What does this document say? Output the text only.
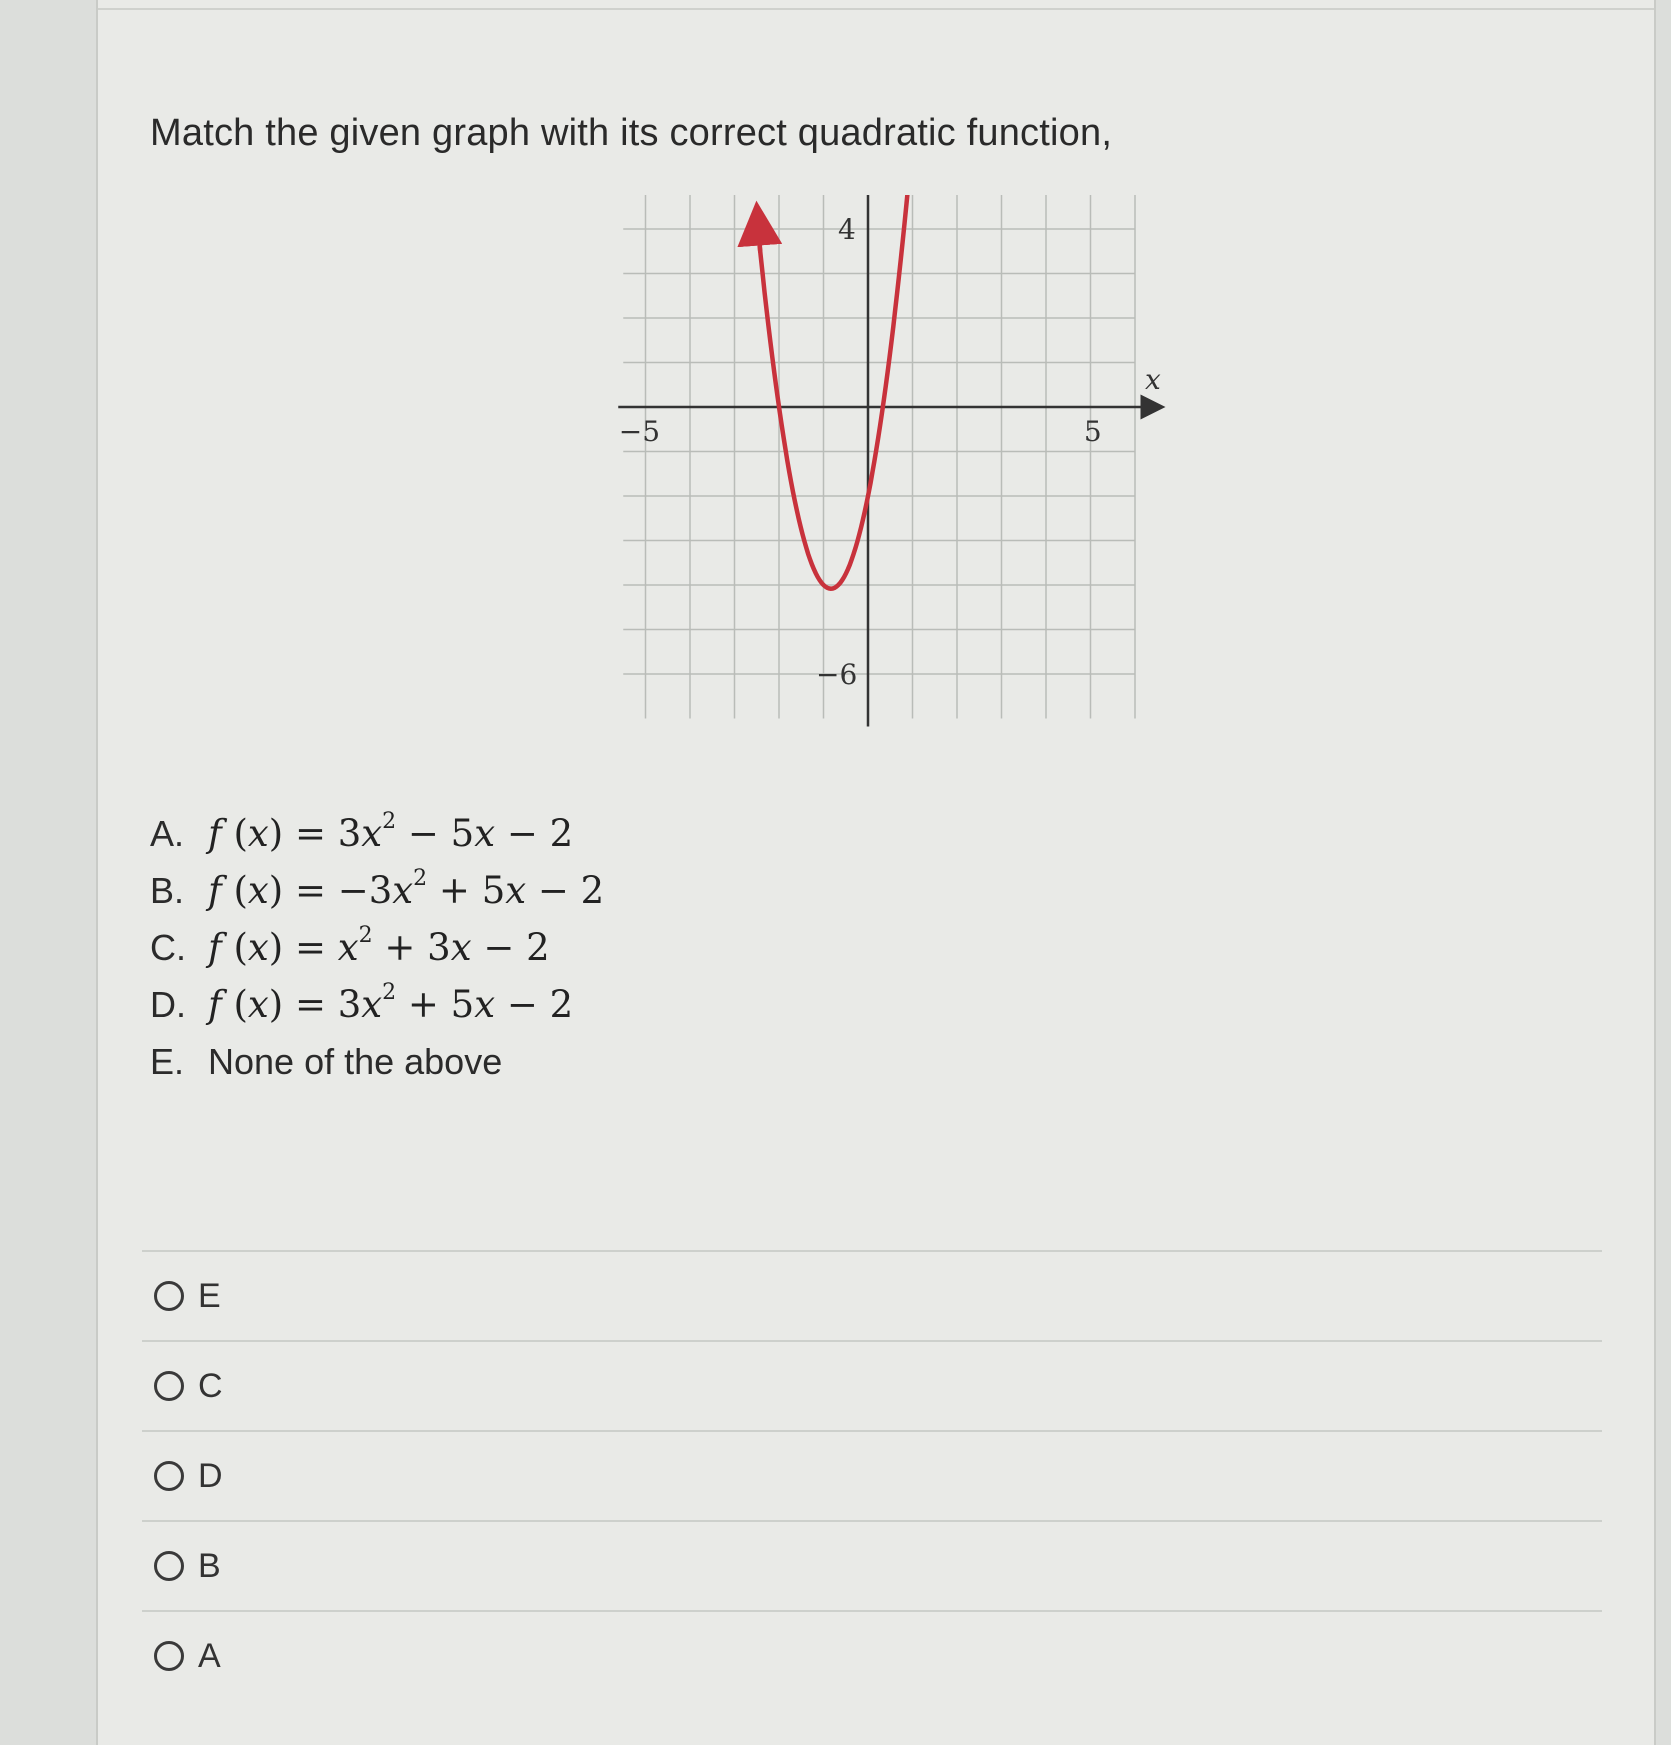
Match the given graph with its correct quadratic function,
−5	5
4
−6
x
A. f $(x) = 3x^2 - 5x - 2$
B. f $(x) = -3x^2 + 5x - 2$
C. f $(x) = x^2 + 3x - 2$
D. f $(x) = 3x^2 + 5x - 2$
E. None of the above
E
C
D
B
A
